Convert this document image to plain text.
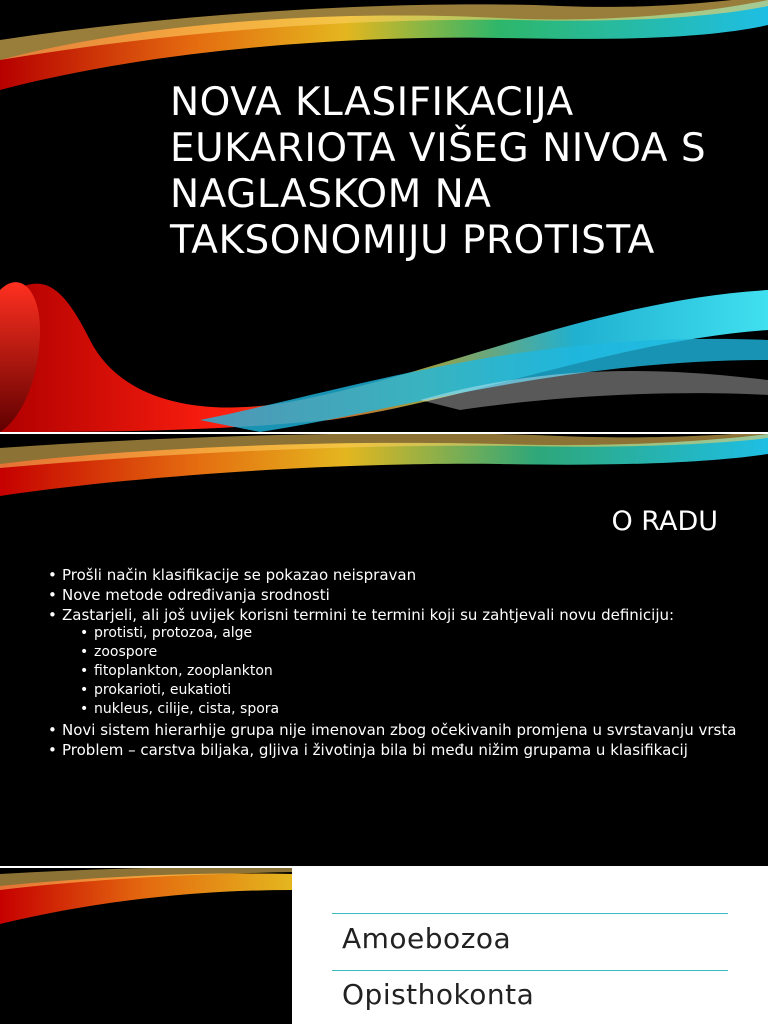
NOVA KLASIFIKACIJA EUKARIOTA VIŠEG NIVOA S NAGLASKOM NA TAKSONOMIJU PROTISTA
O RADU
• Prošli način klasifikacije se pokazao neispravan
• Nove metode određivanja srodnosti
• Zastarjeli, ali još uvijek korisni termini te termini koji su zahtjevali novu definiciju:
• protisti, protozoa, alge
• zoospore
• fitoplankton, zooplankton
• prokarioti, eukatioti
• nukleus, cilije, cista, spora
• Novi sistem hierarhije grupa nije imenovan zbog očekivanih promjena u svrstavanju vrsta
• Problem – carstva biljaka, gljiva i životinja bila bi među nižim grupama u klasifikacij
Amoebozoa
Opisthokonta
